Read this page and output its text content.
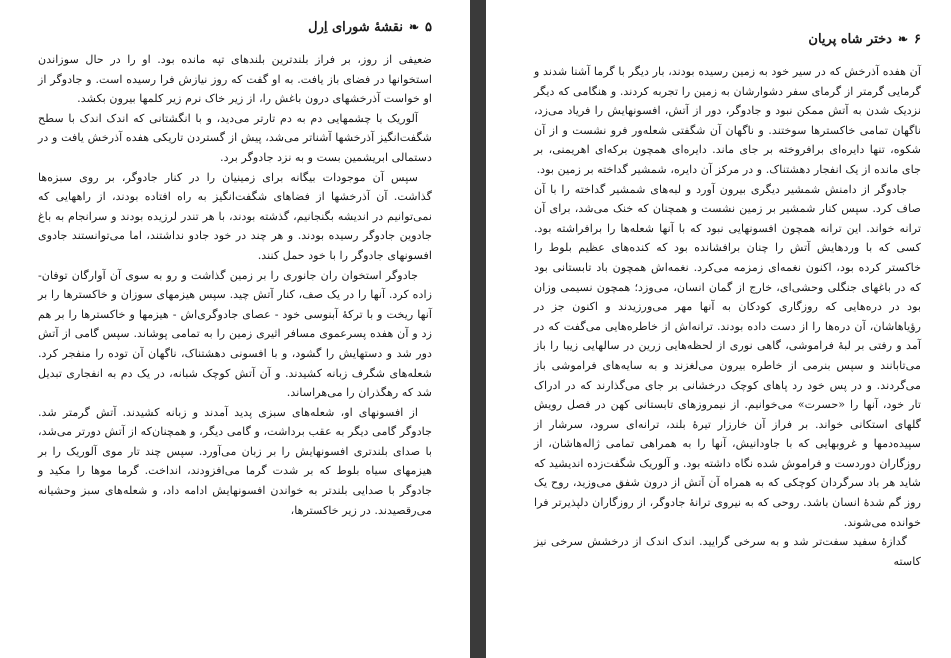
۵
❧
نقشهٔ شورای اِرل

ضعیفی از روز، بر فراز بلندترین بلندهای تپه مانده بود. او را در حال سوزاندن استخوانها در فضای باز یافت. به او گفت که روز نیازش فرا رسیده است. و جادوگر از او خواست آذرخشهای درون باغش را، از زیر خاک نرم زیر کلمها بیرون بکشد.

آلوریک با چشمهایی دم به دم تارتر می‌دید، و با انگشتانی که اندک اندک با سطح شگفت‌انگیز آذرخشها آشناتر می‌شد، پیش از گستردن تاریکی هفده آذرخش یافت و در دستمالی ابریشمین بست و به نزد جادوگر برد.

سپس آن موجودات بیگانه برای زمینیان را در کنار جادوگر، بر روی سبزه‌ها گذاشت. آن آذرخشها از فضاهای شگفت‌انگیز به راه افتاده بودند، از راههایی که نمی‌توانیم در اندیشه بگنجانیم، گذشته بودند، با هر تندر لرزیده بودند و سرانجام به باغ جادوین جادوگر رسیده بودند. و هر چند در خود جادو نداشتند، اما می‌توانستند جادوی افسونهای جادوگر را با خود حمل کنند.

جادوگر استخوان ران جانوری را بر زمین گذاشت و رو به سوی آن آوارگان توفان-زاده کرد. آنها را در یک صف، کنار آتش چید. سپس هیزمهای سوزان و خاکسترها را بر آنها ریخت و با ترکهٔ آبنوسی خود - عصای جادوگری‌اش - هیزمها و خاکسترها را بر هم زد و آن هفده پسرعموی مسافر اثیری زمین را به تمامی پوشاند. سپس گامی از آتش دور شد و دستهایش را گشود، و با افسونی دهشتناک، ناگهان آن توده را منفجر کرد. شعله‌های شگرف زبانه کشیدند. و آن آتش کوچک شبانه، در یک دم به انفجاری تبدیل شد که رهگذران را می‌هراساند.

از افسونهای او، شعله‌های سبزی پدید آمدند و زبانه کشیدند. آتش گرمتر شد. جادوگر گامی دیگر به عقب برداشت، و گامی دیگر، و همچنان‌که از آتش دورتر می‌شد، با صدای بلندتری افسونهایش را بر زبان می‌آورد. سپس چند تار موی آلوریک را بر هیزمهای سیاه بلوط که بر شدت گرما می‌افزودند، انداخت. گرما موها را مکید و جادوگر با صدایی بلندتر به خواندن افسونهایش ادامه داد، و شعله‌های سبز وحشیانه می‌رقصیدند. در زیر خاکسترها،

۶
❧
دختر شاه پریان

آن هفده آذرخش که در سیر خود به زمین رسیده بودند، بار دیگر با گرما آشنا شدند و گرمایی گرمتر از گرمای سفر دشوارشان به زمین را تجربه کردند. و هنگامی که دیگر نزدیک شدن به آتش ممکن نبود و جادوگر، دور از آتش، افسونهایش را فریاد می‌زد، ناگهان تمامی خاکسترها سوختند. و ناگهان آن شگفتی شعله‌ور فرو نشست و از آن شکوه، تنها دایره‌ای برافروخته بر جای ماند. دایره‌ای همچون برکه‌ای اهریمنی، بر جای مانده از یک انفجار دهشتناک. و در مرکز آن دایره، شمشیر گداخته بر زمین بود.

جادوگر از دامنش شمشیر دیگری بیرون آورد و لبه‌های شمشیر گداخته را با آن صاف کرد. سپس کنار شمشیر بر زمین نشست و همچنان که خنک می‌شد، برای آن ترانه خواند. این ترانه همچون افسونهایی نبود که با آنها شعله‌ها را برافراشته بود. کسی که با وردهایش آتش را چنان برافشانده بود که کنده‌های عظیم بلوط را خاکستر کرده بود، اکنون نغمه‌ای زمزمه می‌کرد. نغمه‌اش همچون باد تابستانی بود که در باغهای جنگلی وحشی‌ای، خارج از گمان انسان، می‌وزد؛ همچون نسیمی وزان بود در دره‌هایی که روزگاری کودکان به آنها مهر می‌ورزیدند و اکنون جز در رؤیاهاشان، آن دره‌ها را از دست داده بودند. ترانه‌اش از خاطره‌هایی می‌گفت که در آمد و رفتی بر لبهٔ فراموشی، گاهی نوری از لحظه‌هایی زرین در سالهایی زیبا را باز می‌تابانند و سپس بنرمی از خاطره بیرون می‌لغزند و به سایه‌های فراموشی باز می‌گردند. و در پس خود رد پاهای کوچک درخشانی بر جای می‌گذارند که در ادراک تار خود، آنها را «حسرت» می‌خوانیم. از نیمروزهای تابستانی کهن در فصل رویش گلهای استکانی خواند. بر فراز آن خارزار تیرهٔ بلند، ترانه‌ای سرود، سرشار از سپیده‌دمها و غروبهایی که با جاودانیش، آنها را به همراهی تمامی ژاله‌هاشان، از روزگاران دوردست و فراموش شده نگاه داشته بود. و آلوریک شگفت‌زده اندیشید که شاید هر باد سرگردان کوچکی که به همراه آن آتش از درون شفق می‌وزید، روح یک روز گم شدهٔ انسان باشد. روحی که به نیروی ترانهٔ جادوگر، از روزگاران دلپذیرتر فرا خوانده می‌شوند.

گدازهٔ سفید سفت‌تر شد و به سرخی گرایید. اندک اندک از درخشش سرخی نیز کاسته
